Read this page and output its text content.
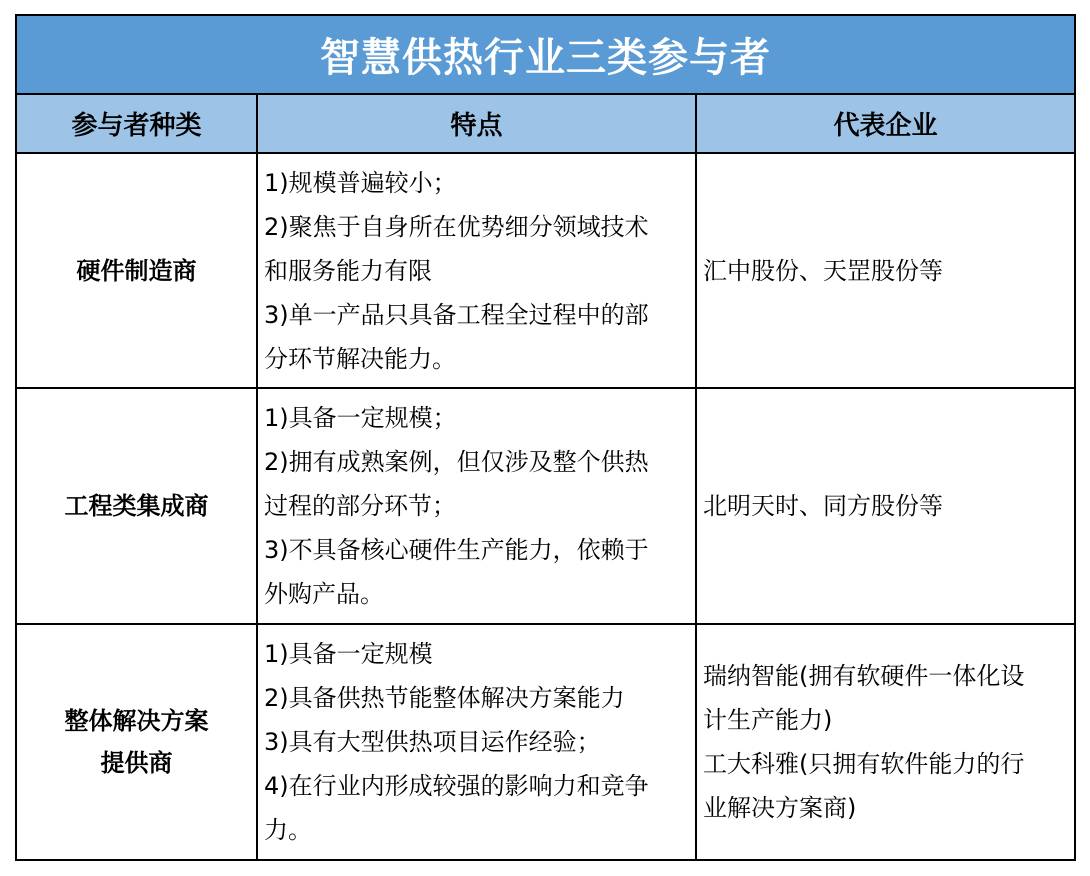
智慧供热行业三类参与者		
参与者种类	特点	代表企业

硬件制造商	1)规模普遍较小；
2)聚焦于自身所在优势细分领域技术
和服务能力有限
3)单一产品只具备工程全过程中的部
分环节解决能力。	汇中股份、天罡股份等

工程类集成商	1)具备一定规模；
2)拥有成熟案例，但仅涉及整个供热
过程的部分环节；
3)不具备核心硬件生产能力，依赖于
外购产品。	北明天时、同方股份等

整体解决方案
提供商	1)具备一定规模
2)具备供热节能整体解决方案能力
3)具有大型供热项目运作经验；
4)在行业内形成较强的影响力和竞争
力。	瑞纳智能(拥有软硬件一体化设
计生产能力)
工大科雅(只拥有软件能力的行
业解决方案商)
